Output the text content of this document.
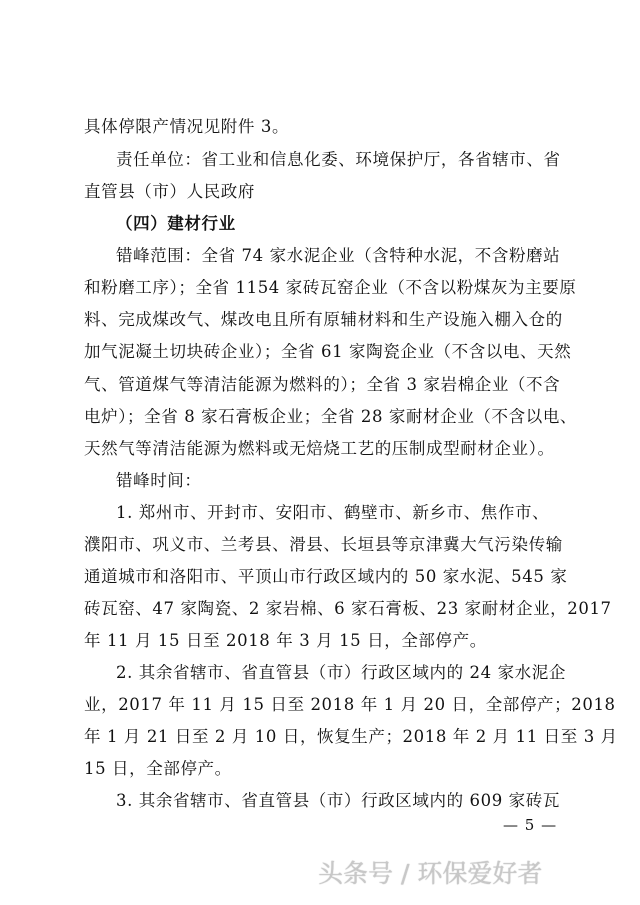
具体停限产情况见附件 3。
责任单位：省工业和信息化委、环境保护厅，各省辖市、省
直管县（市）人民政府
（四）建材行业
错峰范围：全省 74 家水泥企业（含特种水泥，不含粉磨站
和粉磨工序）；全省 1154 家砖瓦窑企业（不含以粉煤灰为主要原
料、完成煤改气、煤改电且所有原辅材料和生产设施入棚入仓的
加气泥凝土切块砖企业）；全省 61 家陶瓷企业（不含以电、天然
气、管道煤气等清洁能源为燃料的）；全省 3 家岩棉企业（不含
电炉）；全省 8 家石膏板企业；全省 28 家耐材企业（不含以电、
天然气等清洁能源为燃料或无焙烧工艺的压制成型耐材企业）。
错峰时间：
1. 郑州市、开封市、安阳市、鹤壁市、新乡市、焦作市、
濮阳市、巩义市、兰考县、滑县、长垣县等京津冀大气污染传输
通道城市和洛阳市、平顶山市行政区域内的 50 家水泥、545 家
砖瓦窑、47 家陶瓷、2 家岩棉、6 家石膏板、23 家耐材企业，2017
年 11 月 15 日至 2018 年 3 月 15 日，全部停产。
2. 其余省辖市、省直管县（市）行政区域内的 24 家水泥企
业，2017 年 11 月 15 日至 2018 年 1 月 20 日，全部停产；2018
年 1 月 21 日至 2 月 10 日，恢复生产；2018 年 2 月 11 日至 3 月
15 日，全部停产。
3. 其余省辖市、省直管县（市）行政区域内的 609 家砖瓦
— 5 —
头条号 / 环保爱好者
